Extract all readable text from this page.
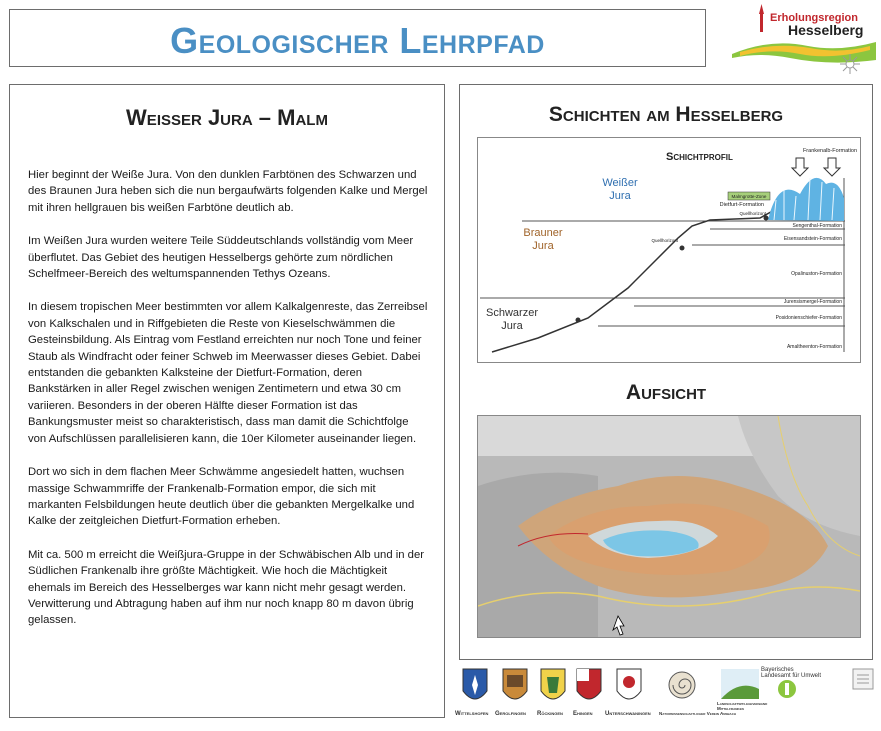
Geologischer Lehrpfad
Erholungsregion
Hesselberg
Weisser Jura – Malm

Hier beginnt der Weiße Jura. Von den dunklen Farbtönen des Schwarzen und des Braunen Jura heben sich die nun bergaufwärts folgenden Kalke und Mergel mit ihren hellgrauen bis weißen Farbtöne deutlich ab.

Im Weißen Jura wurden weitere Teile Süddeutschlands vollständig vom Meer überflutet. Das Gebiet des heutigen Hesselbergs gehörte zum nördlichen Schelfmeer-Bereich des weltumspannenden Tethys Ozeans.

In diesem tropischen Meer bestimmten vor allem Kalkalgenreste, das Zerreibsel von Kalkschalen und in Riffgebieten die Reste von Kieselschwämmen die Gesteinsbildung. Als Eintrag vom Festland erreichten nur noch Tone und feiner Staub als Windfracht oder feiner Schweb im Meerwasser dieses Gebiet. Dabei entstanden die gebankten Kalksteine der Dietfurt-Formation, deren Bankstärken in aller Regel zwischen wenigen Zentimetern und etwa 30 cm variieren. Besonders in der oberen Hälfte dieser Formation ist das Bankungsmuster meist so charakteristisch, dass man damit die Schichtfolge von Aufschlüssen parallelisieren kann, die 10er Kilometer auseinander liegen.

Dort wo sich in dem flachen Meer Schwämme angesiedelt hatten, wuchsen massige Schwammriffe der Frankenalb-Formation empor, die sich mit markanten Felsbildungen heute deutlich über die gebankten Mergelkalke und Kalke der zeitgleichen Dietfurt-Formation erheben.

Mit ca. 500 m erreicht die Weißjura-Gruppe in der Schwäbischen Alb und in der Südlichen Frankenalb ihre größte Mächtigkeit. Wie hoch die Mächtigkeit ehemals im Bereich des Hesselberges war kann nicht mehr gesagt werden. Verwitterung und Abtragung haben auf ihm nur noch knapp 80 m davon übrig gelassen.

Schichten am Hesselberg
Malmgrotte-Zone
Schichtprofil	Frankenalb-Formation
Weißer
Jura
Brauner
Jura
Schwarzer
Jura
Dietfurt-Formation
Quellhorizont
Quellhorizont
Sengenthal-Formation
Eisensandstein-Formation
Opalinuston-Formation
Jurensismergel-Formation
Posidonienschiefer-Formation
Amaltheenton-Formation
Aufsicht
Wittelshofen Gerolfingen Röckingen Ehingen Unterschwaningen Naturwissenschaftlicher Verein Ansbach
Landschaftspflegeverband Mittelfranken
Bayerisches Landesamt für Umwelt
